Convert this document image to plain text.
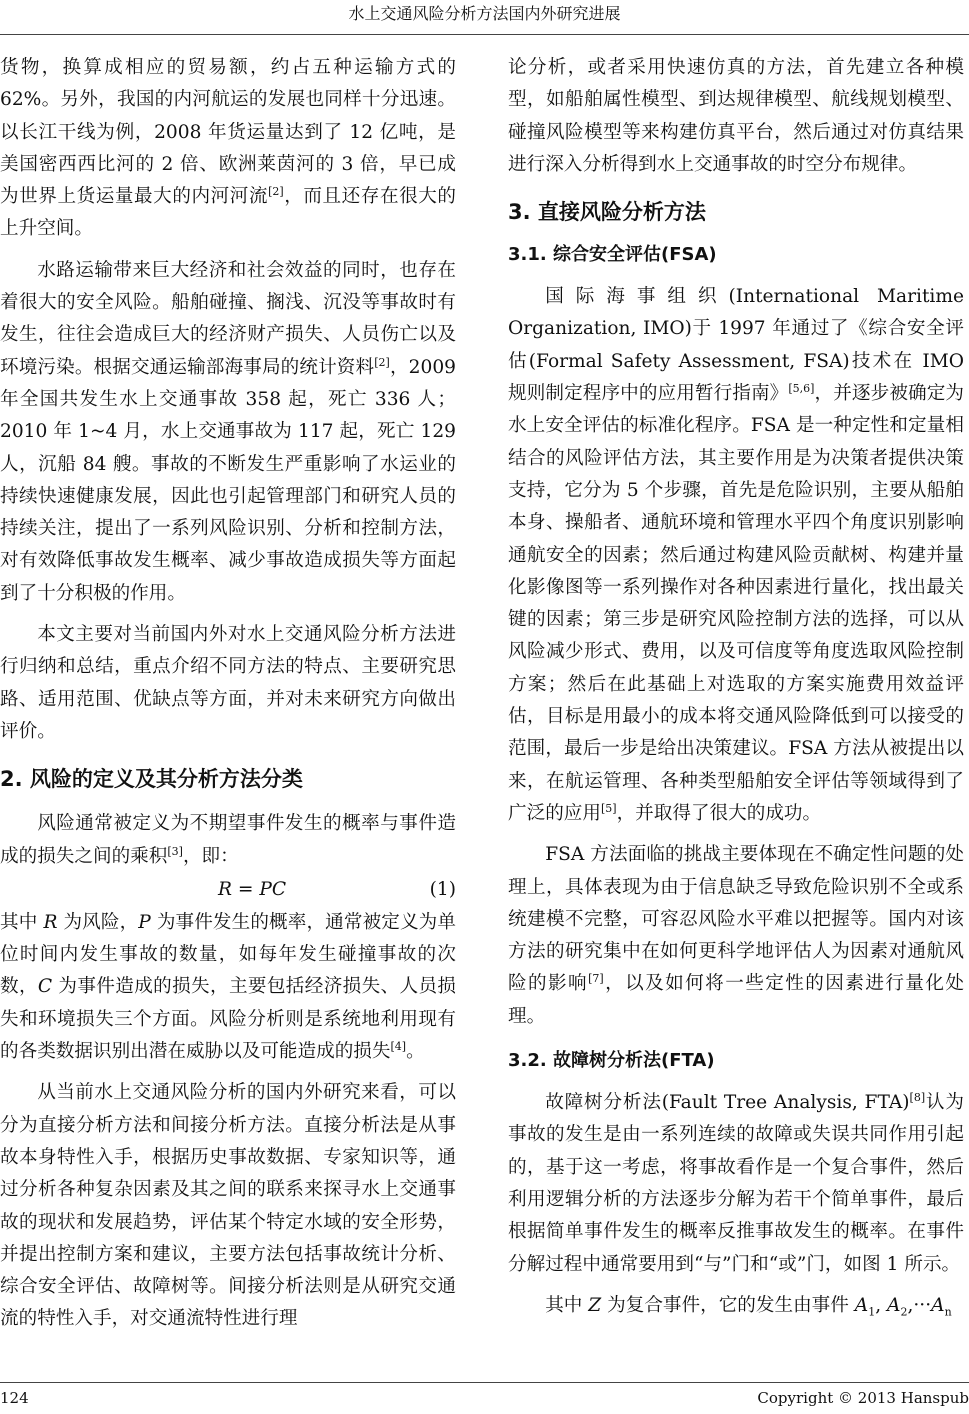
水上交通风险分析方法国内外研究进展

货物，换算成相应的贸易额，约占五种运输方式的62%。另外，我国的内河航运的发展也同样十分迅速。以长江干线为例，2008 年货运量达到了 12 亿吨，是美国密西西比河的 2 倍、欧洲莱茵河的 3 倍，早已成为世界上货运量最大的内河河流[2]，而且还存在很大的上升空间。

水路运输带来巨大经济和社会效益的同时，也存在着很大的安全风险。船舶碰撞、搁浅、沉没等事故时有发生，往往会造成巨大的经济财产损失、人员伤亡以及环境污染。根据交通运输部海事局的统计资料[2]，2009 年全国共发生水上交通事故 358 起，死亡 336 人；2010 年 1~4 月，水上交通事故为 117 起，死亡 129 人，沉船 84 艘。事故的不断发生严重影响了水运业的持续快速健康发展，因此也引起管理部门和研究人员的持续关注，提出了一系列风险识别、分析和控制方法，对有效降低事故发生概率、减少事故造成损失等方面起到了十分积极的作用。

本文主要对当前国内外对水上交通风险分析方法进行归纳和总结，重点介绍不同方法的特点、主要研究思路、适用范围、优缺点等方面，并对未来研究方向做出评价。

2. 风险的定义及其分析方法分类

风险通常被定义为不期望事件发生的概率与事件造成的损失之间的乘积[3]，即：

R = PC	(1)

其中 R 为风险，P 为事件发生的概率，通常被定义为单位时间内发生事故的数量，如每年发生碰撞事故的次数，C 为事件造成的损失，主要包括经济损失、人员损失和环境损失三个方面。风险分析则是系统地利用现有的各类数据识别出潜在威胁以及可能造成的损失[4]。

从当前水上交通风险分析的国内外研究来看，可以分为直接分析方法和间接分析方法。直接分析法是从事故本身特性入手，根据历史事故数据、专家知识等，通过分析各种复杂因素及其之间的联系来探寻水上交通事故的现状和发展趋势，评估某个特定水域的安全形势，并提出控制方案和建议，主要方法包括事故统计分析、综合安全评估、故障树等。间接分析法则是从研究交通流的特性入手，对交通流特性进行理

论分析，或者采用快速仿真的方法，首先建立各种模型，如船舶属性模型、到达规律模型、航线规划模型、碰撞风险模型等来构建仿真平台，然后通过对仿真结果进行深入分析得到水上交通事故的时空分布规律。

3. 直接风险分析方法
3.1. 综合安全评估(FSA)

国际海事组织(International Maritime Organization, IMO)于 1997 年通过了《综合安全评估(Formal Safety Assessment, FSA)技术在 IMO 规则制定程序中的应用暂行指南》[5,6]，并逐步被确定为水上安全评估的标准化程序。FSA 是一种定性和定量相结合的风险评估方法，其主要作用是为决策者提供决策支持，它分为 5 个步骤，首先是危险识别，主要从船舶本身、操船者、通航环境和管理水平四个角度识别影响通航安全的因素；然后通过构建风险贡献树、构建并量化影像图等一系列操作对各种因素进行量化，找出最关键的因素；第三步是研究风险控制方法的选择，可以从风险减少形式、费用，以及可信度等角度选取风险控制方案；然后在此基础上对选取的方案实施费用效益评估，目标是用最小的成本将交通风险降低到可以接受的范围，最后一步是给出决策建议。FSA 方法从被提出以来，在航运管理、各种类型船舶安全评估等领域得到了广泛的应用[5]，并取得了很大的成功。

FSA 方法面临的挑战主要体现在不确定性问题的处理上，具体表现为由于信息缺乏导致危险识别不全或系统建模不完整，可容忍风险水平难以把握等。国内对该方法的研究集中在如何更科学地评估人为因素对通航风险的影响[7]，以及如何将一些定性的因素进行量化处理。

3.2. 故障树分析法(FTA)

故障树分析法(Fault Tree Analysis, FTA)[8]认为事故的发生是由一系列连续的故障或失误共同作用引起的，基于这一考虑，将事故看作是一个复合事件，然后利用逻辑分析的方法逐步分解为若干个简单事件，最后根据简单事件发生的概率反推事故发生的概率。在事件分解过程中通常要用到“与”门和“或”门，如图 1 所示。

其中 Z 为复合事件，它的发生由事件 $A_1$, $A_2,\cdot\cdot\cdot A_n$

124	Copyright © 2013 Hanspub
